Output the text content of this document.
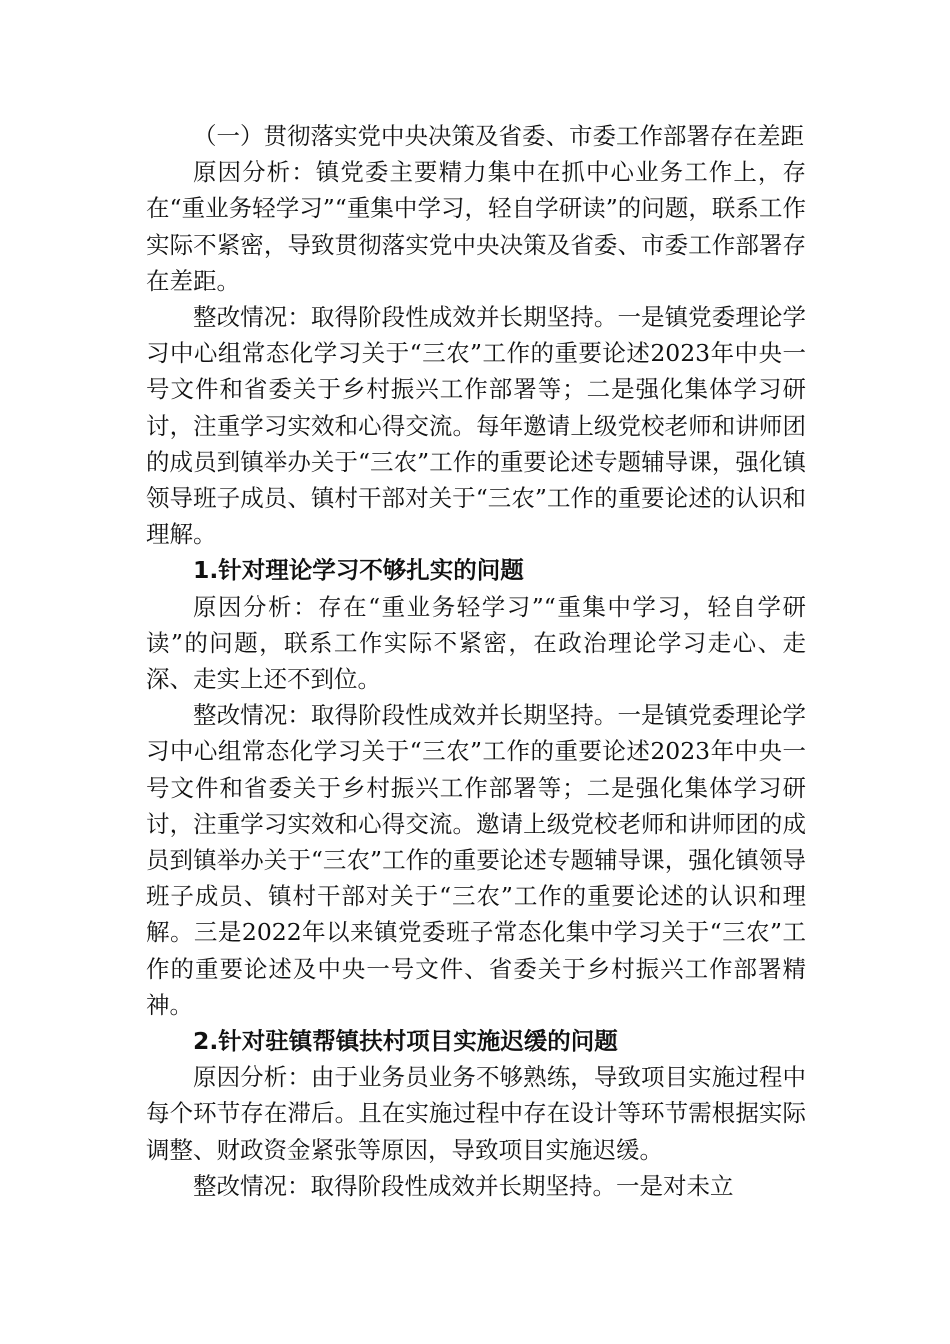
（一）贯彻落实党中央决策及省委、市委工作部署存在差距

原因分析：镇党委主要精力集中在抓中心业务工作上，存在“重业务轻学习”“重集中学习，轻自学研读”的问题，联系工作实际不紧密，导致贯彻落实党中央决策及省委、市委工作部署存在差距。

整改情况：取得阶段性成效并长期坚持。一是镇党委理论学习中心组常态化学习关于“三农”工作的重要论述2023年中央一号文件和省委关于乡村振兴工作部署等；二是强化集体学习研讨，注重学习实效和心得交流。每年邀请上级党校老师和讲师团的成员到镇举办关于“三农”工作的重要论述专题辅导课，强化镇领导班子成员、镇村干部对关于“三农”工作的重要论述的认识和理解。

1.针对理论学习不够扎实的问题

原因分析：存在“重业务轻学习”“重集中学习，轻自学研读”的问题，联系工作实际不紧密，在政治理论学习走心、走深、走实上还不到位。

整改情况：取得阶段性成效并长期坚持。一是镇党委理论学习中心组常态化学习关于“三农”工作的重要论述2023年中央一号文件和省委关于乡村振兴工作部署等；二是强化集体学习研讨，注重学习实效和心得交流。邀请上级党校老师和讲师团的成员到镇举办关于“三农”工作的重要论述专题辅导课，强化镇领导班子成员、镇村干部对关于“三农”工作的重要论述的认识和理解。三是2022年以来镇党委班子常态化集中学习关于“三农”工作的重要论述及中央一号文件、省委关于乡村振兴工作部署精神。

2.针对驻镇帮镇扶村项目实施迟缓的问题

原因分析：由于业务员业务不够熟练，导致项目实施过程中每个环节存在滞后。且在实施过程中存在设计等环节需根据实际调整、财政资金紧张等原因，导致项目实施迟缓。

整改情况：取得阶段性成效并长期坚持。一是对未立
